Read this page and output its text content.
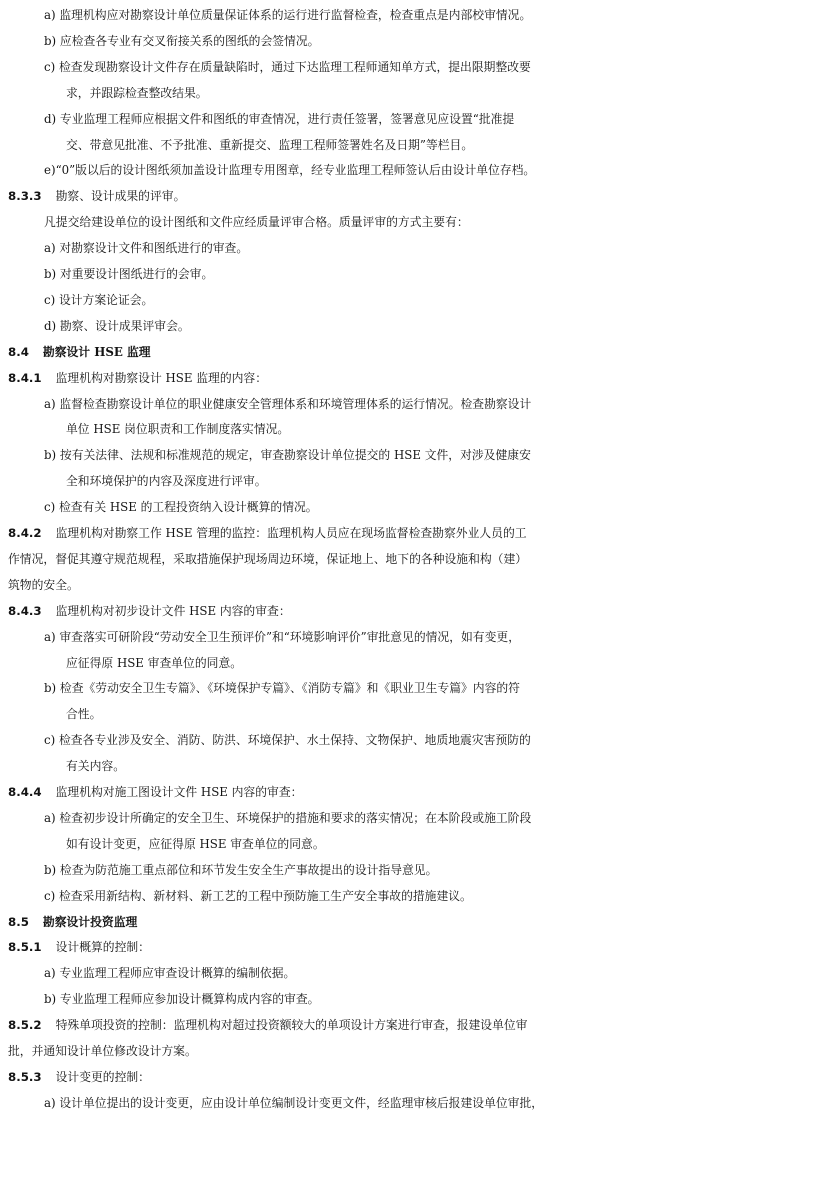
a) 监理机构应对勘察设计单位质量保证体系的运行进行监督检查，检查重点是内部校审情况。
b) 应检查各专业有交叉衔接关系的图纸的会签情况。
c) 检查发现勘察设计文件存在质量缺陷时，通过下达监理工程师通知单方式，提出限期整改要
求，并跟踪检查整改结果。
d) 专业监理工程师应根据文件和图纸的审查情况，进行责任签署，签署意见应设置“批准提
交、带意见批准、不予批准、重新提交、监理工程师签署姓名及日期”等栏目。
e)“0”版以后的设计图纸须加盖设计监理专用图章，经专业监理工程师签认后由设计单位存档。
8.3.3 勘察、设计成果的评审。
凡提交给建设单位的设计图纸和文件应经质量评审合格。质量评审的方式主要有：
a) 对勘察设计文件和图纸进行的审查。
b) 对重要设计图纸进行的会审。
c) 设计方案论证会。
d) 勘察、设计成果评审会。
8.4 勘察设计 HSE 监理
8.4.1 监理机构对勘察设计 HSE 监理的内容：
a) 监督检查勘察设计单位的职业健康安全管理体系和环境管理体系的运行情况。检查勘察设计
单位 HSE 岗位职责和工作制度落实情况。
b) 按有关法律、法规和标准规范的规定，审查勘察设计单位提交的 HSE 文件，对涉及健康安
全和环境保护的内容及深度进行评审。
c) 检查有关 HSE 的工程投资纳入设计概算的情况。
8.4.2 监理机构对勘察工作 HSE 管理的监控：监理机构人员应在现场监督检查勘察外业人员的工
作情况，督促其遵守规范规程，采取措施保护现场周边环境，保证地上、地下的各种设施和构（建）
筑物的安全。
8.4.3 监理机构对初步设计文件 HSE 内容的审查：
a) 审查落实可研阶段“劳动安全卫生预评价”和“环境影响评价”审批意见的情况，如有变更，
应征得原 HSE 审查单位的同意。
b) 检查《劳动安全卫生专篇》、《环境保护专篇》、《消防专篇》和《职业卫生专篇》内容的符
合性。
c) 检查各专业涉及安全、消防、防洪、环境保护、水土保持、文物保护、地质地震灾害预防的
有关内容。
8.4.4 监理机构对施工图设计文件 HSE 内容的审查：
a) 检查初步设计所确定的安全卫生、环境保护的措施和要求的落实情况；在本阶段或施工阶段
如有设计变更，应征得原 HSE 审查单位的同意。
b) 检查为防范施工重点部位和环节发生安全生产事故提出的设计指导意见。
c) 检查采用新结构、新材料、新工艺的工程中预防施工生产安全事故的措施建议。
8.5 勘察设计投资监理
8.5.1 设计概算的控制：
a) 专业监理工程师应审查设计概算的编制依据。
b) 专业监理工程师应参加设计概算构成内容的审查。
8.5.2 特殊单项投资的控制：监理机构对超过投资额较大的单项设计方案进行审查，报建设单位审
批，并通知设计单位修改设计方案。
8.5.3 设计变更的控制：
a) 设计单位提出的设计变更，应由设计单位编制设计变更文件，经监理审核后报建设单位审批，
